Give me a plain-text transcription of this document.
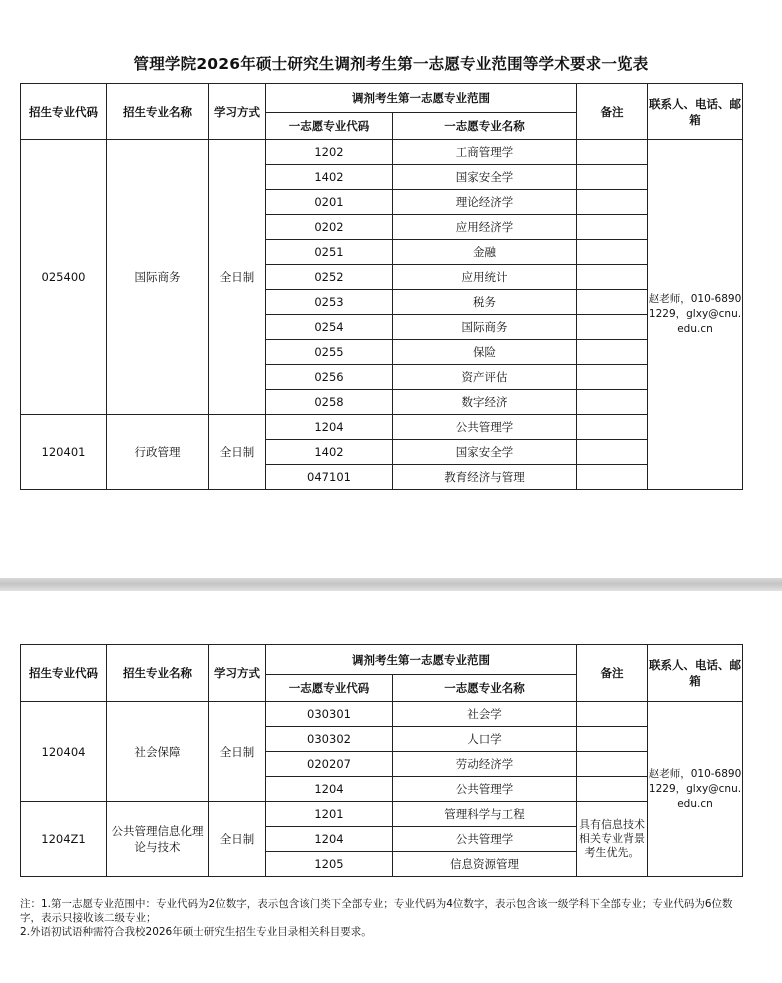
管理学院2026年硕士研究生调剂考生第一志愿专业范围等学术要求一览表
招生专业代码	招生专业名称	学习方式	调剂考生第一志愿专业范围		备注	联系人、电话、邮箱
			一志愿专业代码	一志愿专业名称		
025400	国际商务	全日制	1202	工商管理学		赵老师，010-68901229，glxy@cnu.edu.cn
			1402	国家安全学		
			0201	理论经济学		
			0202	应用经济学		
			0251	金融		
			0252	应用统计		
			0253	税务		
			0254	国际商务		
			0255	保险		
			0256	资产评估		
			0258	数字经济		
120401	行政管理	全日制	1204	公共管理学		
			1402	国家安全学		
			047101	教育经济与管理		
招生专业代码	招生专业名称	学习方式	调剂考生第一志愿专业范围		备注	联系人、电话、邮箱
			一志愿专业代码	一志愿专业名称		
120404	社会保障	全日制	030301	社会学		赵老师，010-68901229，glxy@cnu.edu.cn
			030302	人口学		
			020207	劳动经济学		
			1204	公共管理学		
1204Z1	公共管理信息化理论与技术	全日制	1201	管理科学与工程	具有信息技术相关专业背景考生优先。	
			1204	公共管理学		
			1205	信息资源管理		
注：1.第一志愿专业范围中：专业代码为2位数字，表示包含该门类下全部专业；专业代码为4位数字，表示包含该一级学科下全部专业；专业代码为6位数字，表示只接收该二级专业；
2.外语初试语种需符合我校2026年硕士研究生招生专业目录相关科目要求。
